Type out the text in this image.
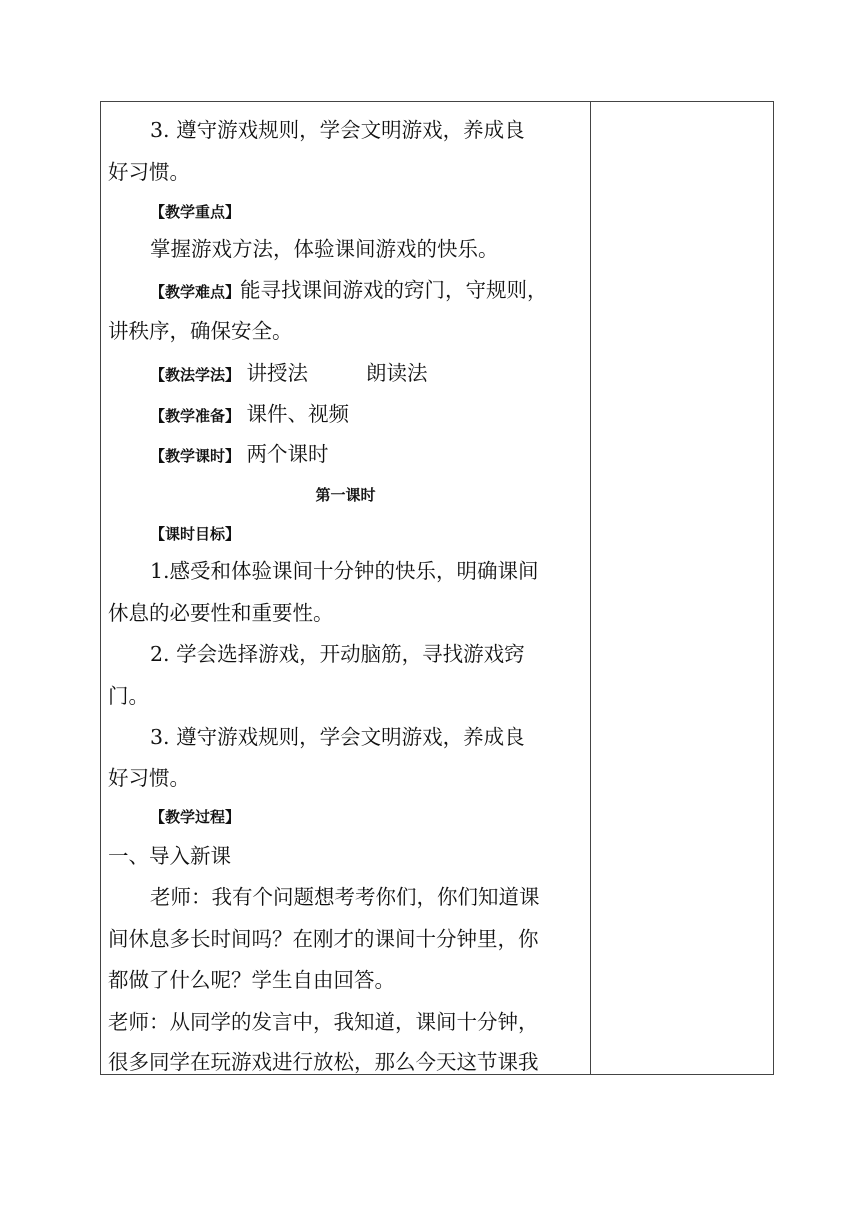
3. 遵守游戏规则，学会文明游戏，养成良
好习惯。
【教学重点】
掌握游戏方法，体验课间游戏的快乐。
【教学难点】能寻找课间游戏的窍门，守规则，
讲秩序，确保安全。
【教法学法】 讲授法	朗读法
【教学准备】 课件、视频
【教学课时】 两个课时
第一课时
【课时目标】
1.感受和体验课间十分钟的快乐，明确课间
休息的必要性和重要性。
2. 学会选择游戏，开动脑筋，寻找游戏窍
门。
3. 遵守游戏规则，学会文明游戏，养成良
好习惯。
【教学过程】
一、导入新课
老师：我有个问题想考考你们，你们知道课
间休息多长时间吗？在刚才的课间十分钟里，你
都做了什么呢？学生自由回答。
老师：从同学的发言中，我知道，课间十分钟，
很多同学在玩游戏进行放松，那么今天这节课我
